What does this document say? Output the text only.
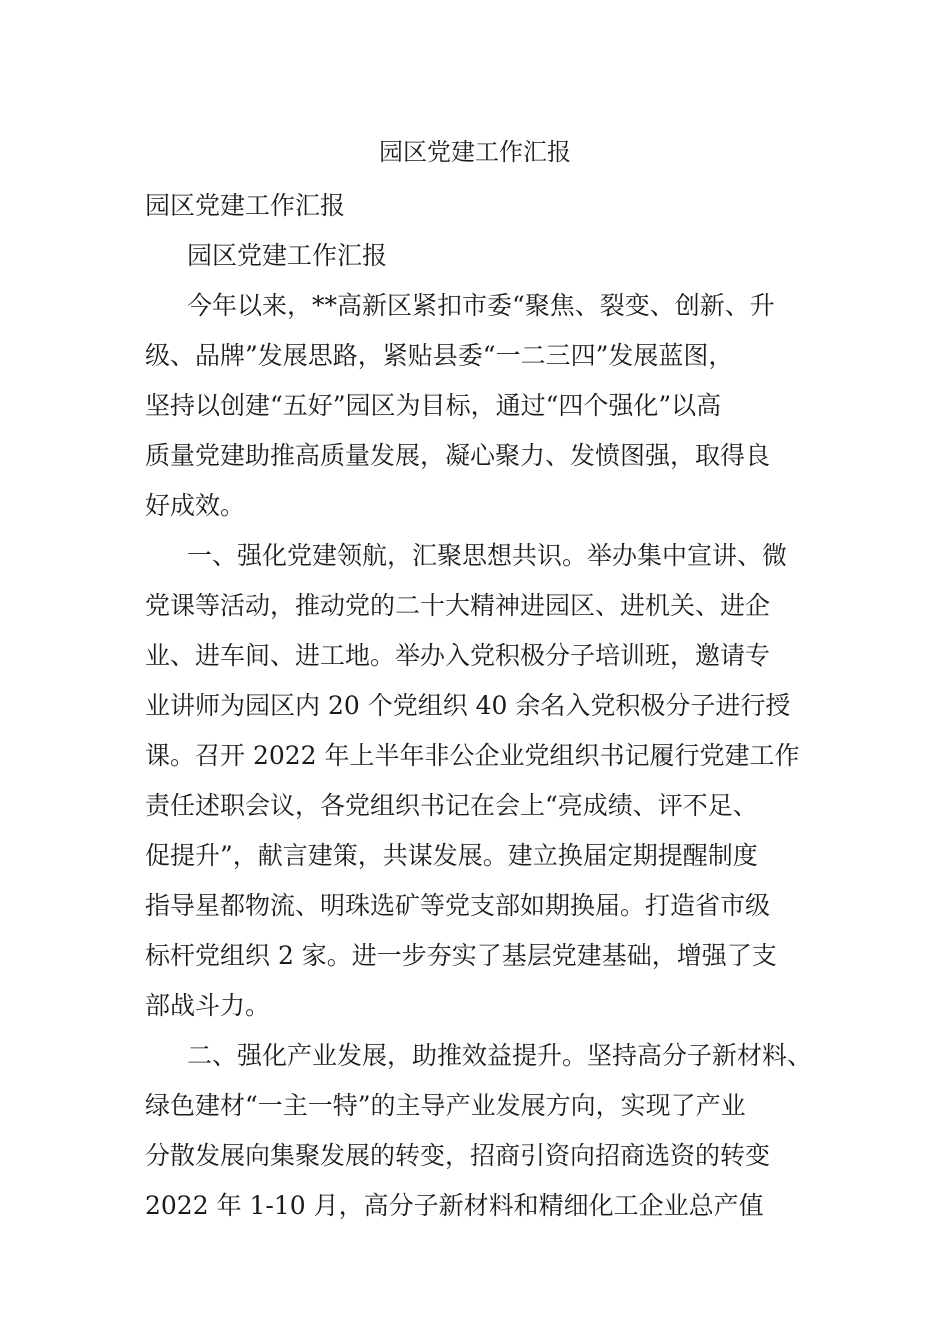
园区党建工作汇报
园区党建工作汇报
园区党建工作汇报
今年以来，**高新区紧扣市委“聚焦、裂变、创新、升
级、品牌”发展思路，紧贴县委“一二三四”发展蓝图，
坚持以创建“五好”园区为目标，通过“四个强化”以高
质量党建助推高质量发展，凝心聚力、发愤图强，取得良
好成效。
一、强化党建领航，汇聚思想共识。举办集中宣讲、微
党课等活动，推动党的二十大精神进园区、进机关、进企
业、进车间、进工地。举办入党积极分子培训班，邀请专
业讲师为园区内 20 个党组织 40 余名入党积极分子进行授
课。召开 2022 年上半年非公企业党组织书记履行党建工作
责任述职会议，各党组织书记在会上“亮成绩、评不足、
促提升”，献言建策，共谋发展。建立换届定期提醒制度
指导星都物流、明珠选矿等党支部如期换届。打造省市级
标杆党组织 2 家。进一步夯实了基层党建基础，增强了支
部战斗力。
二、强化产业发展，助推效益提升。坚持高分子新材料、
绿色建材“一主一特”的主导产业发展方向，实现了产业
分散发展向集聚发展的转变，招商引资向招商选资的转变
2022 年 1-10 月，高分子新材料和精细化工企业总产值
